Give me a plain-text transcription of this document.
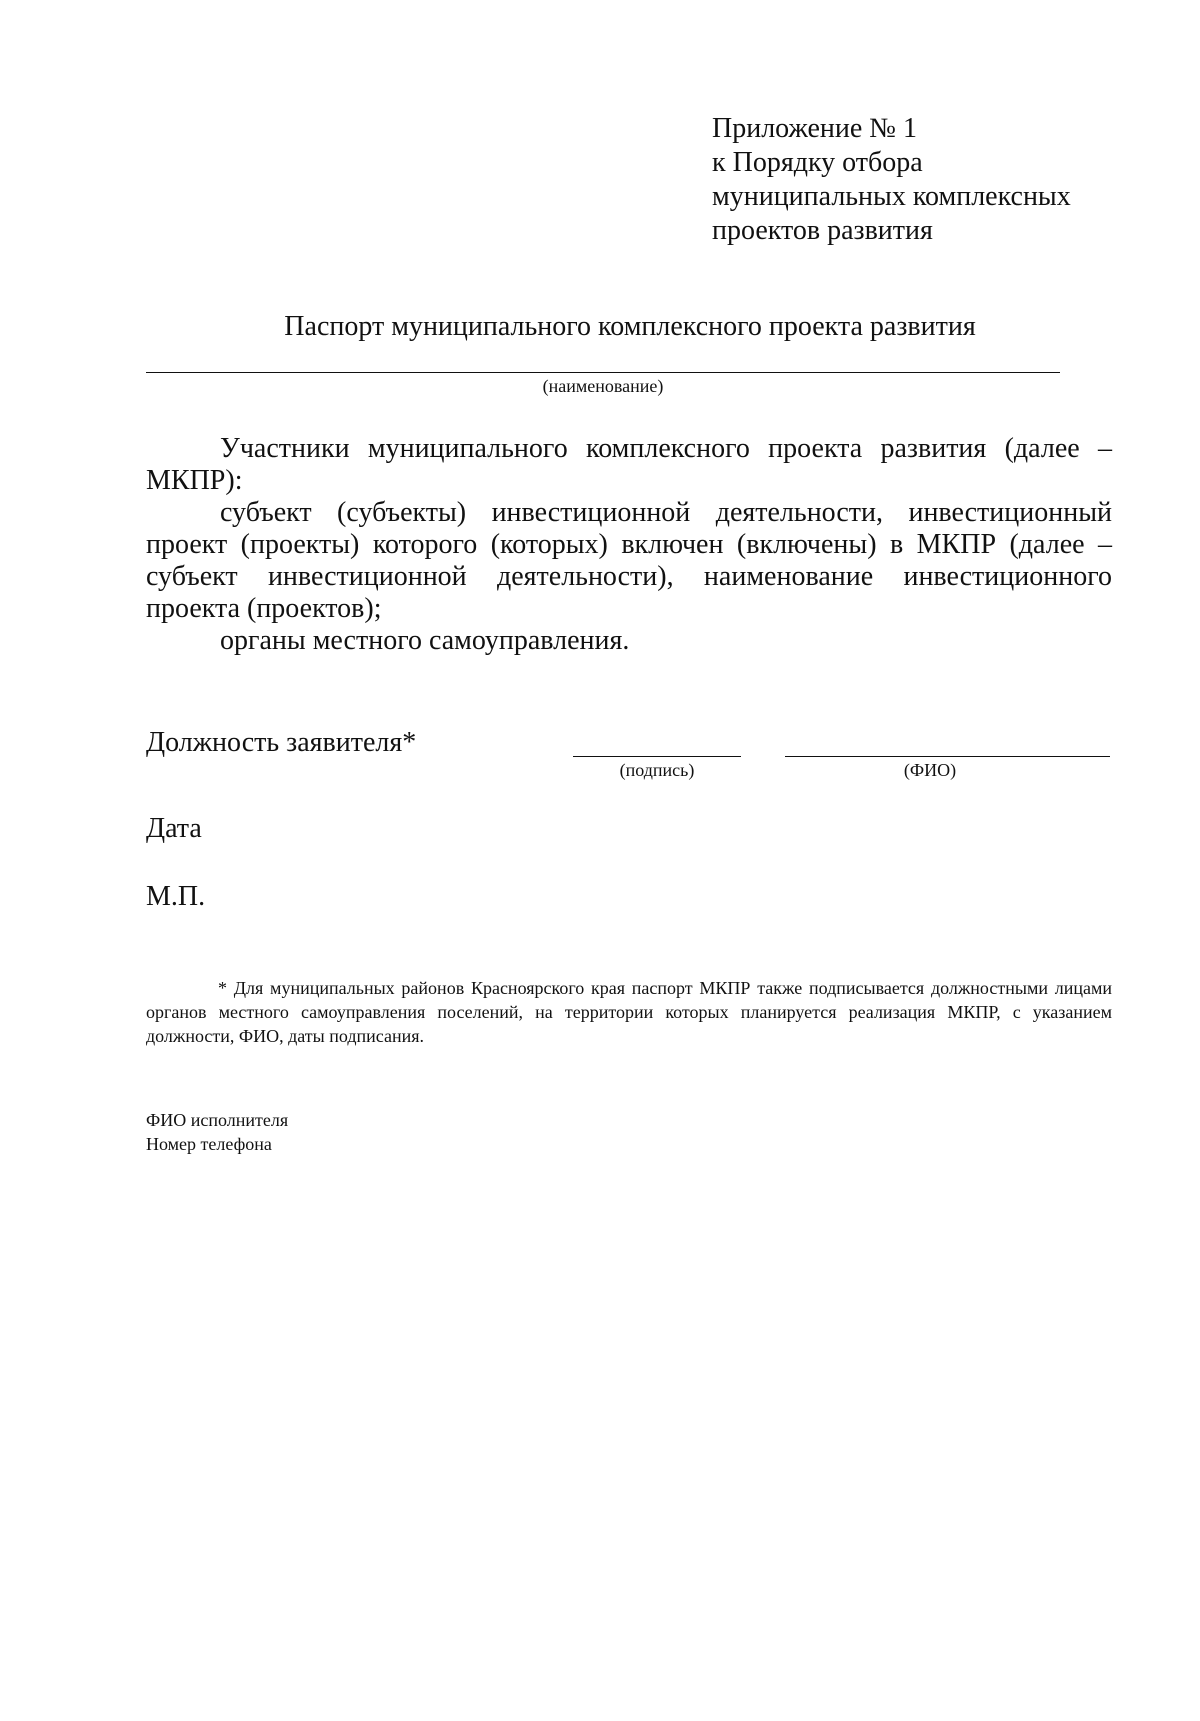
Приложение № 1
к Порядку отбора
муниципальных комплексных
проектов развития
Паспорт муниципального комплексного проекта развития
(наименование)
Участники муниципального комплексного проекта развития (далее – МКПР):
субъект (субъекты) инвестиционной деятельности, инвестиционный проект (проекты) которого (которых) включен (включены) в МКПР (далее – субъект инвестиционной деятельности), наименование инвестиционного проекта (проектов);
органы местного самоуправления.
Должность заявителя*
(подпись)	(ФИО)
Дата
М.П.
* Для муниципальных районов Красноярского края паспорт МКПР также подписывается должностными лицами органов местного самоуправления поселений, на территории которых планируется реализация МКПР, с указанием должности, ФИО, даты подписания.
ФИО исполнителя
Номер телефона
